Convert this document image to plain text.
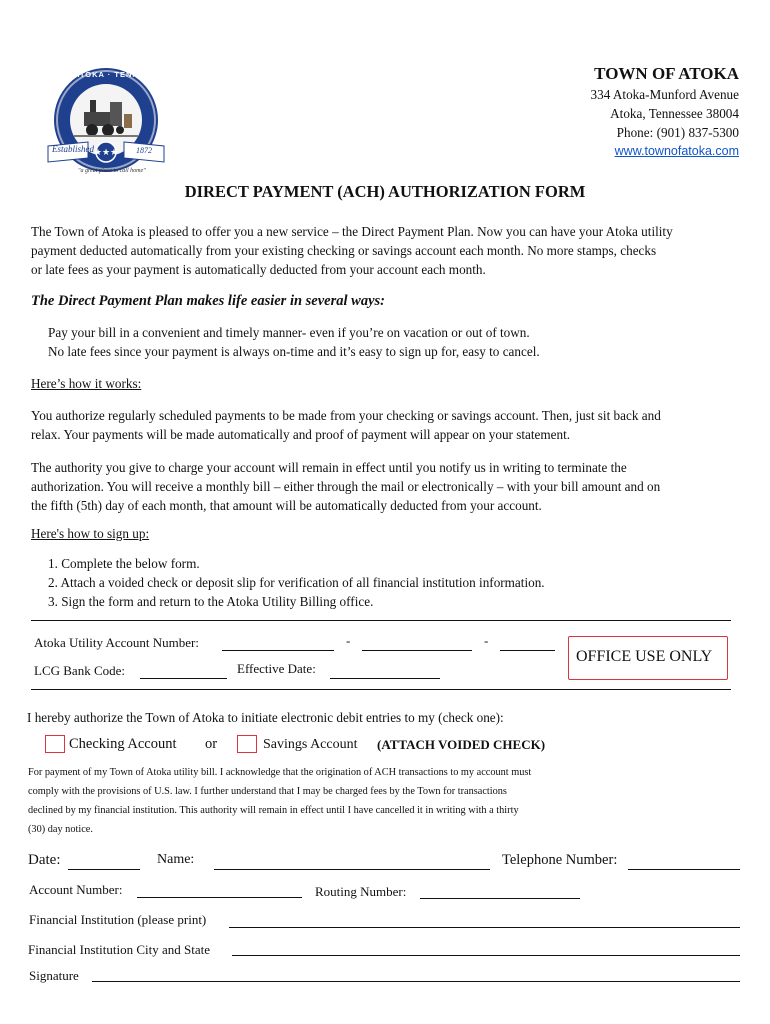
★★★
ATOKA · TENNESSEE
Established	1872
"a great place to call home"
TOWN OF ATOKA
334 Atoka-Munford Avenue
Atoka, Tennessee 38004
Phone: (901) 837-5300
www.townofatoka.com
DIRECT PAYMENT (ACH) AUTHORIZATION FORM
The Town of Atoka is pleased to offer you a new service – the Direct Payment Plan. Now you can have your Atoka utility
payment deducted automatically from your existing checking or savings account each month. No more stamps, checks
or late fees as your payment is automatically deducted from your account each month.
The Direct Payment Plan makes life easier in several ways:
Pay your bill in a convenient and timely manner- even if you’re on vacation or out of town.
No late fees since your payment is always on-time and it’s easy to sign up for, easy to cancel.
Here’s how it works:
You authorize regularly scheduled payments to be made from your checking or savings account. Then, just sit back and
relax. Your payments will be made automatically and proof of payment will appear on your statement.
The authority you give to charge your account will remain in effect until you notify us in writing to terminate the
authorization. You will receive a monthly bill – either through the mail or electronically – with your bill amount and on
the fifth (5th) day of each month, that amount will be automatically deducted from your account.
Here's how to sign up:
1. Complete the below form.
2. Attach a voided check or deposit slip for verification of all financial institution information.
3. Sign the form and return to the Atoka Utility Billing office.
Atoka Utility Account Number:	-	-
OFFICE USE ONLY
LCG Bank Code:	Effective Date:
I hereby authorize the Town of Atoka to initiate electronic debit entries to my (check one):
Checking Account or	Savings Account (ATTACH VOIDED CHECK)
For payment of my Town of Atoka utility bill. I acknowledge that the origination of ACH transactions to my account must
comply with the provisions of U.S. law. I further understand that I may be charged fees by the Town for transactions
declined by my financial institution. This authority will remain in effect until I have cancelled it in writing with a thirty
(30) day notice.
Date:	Name:	Telephone Number:
Account Number:	Routing Number:
Financial Institution (please print)
Financial Institution City and State
Signature
